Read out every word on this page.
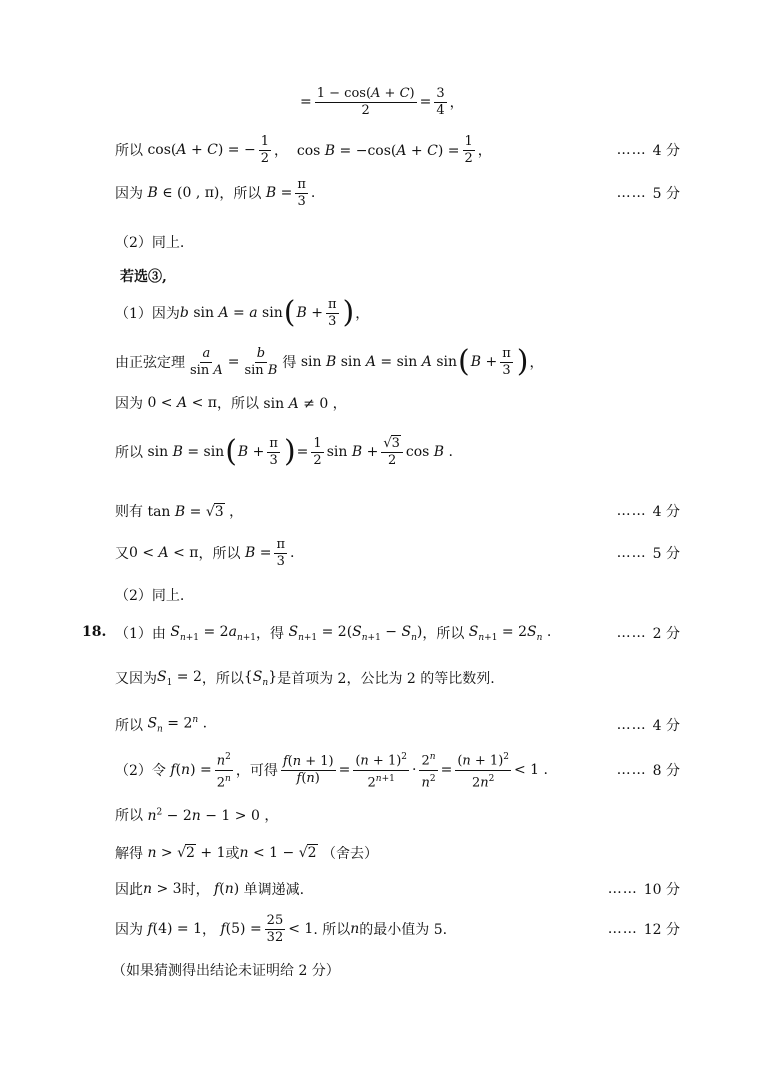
= $\frac{1 - \cos(A + C)}{2} = \frac{3}{4}$ ，
所以
cos(A + C) = − $\frac{1}{2}$ ，  $\cos B = -\cos(A + C) = \frac{1}{2}$ ，	…… 4 分
因为
B ∈ (0 , π) ，所以
$B = \frac{\pi}{3}$ .	…… 5 分
（2）同上.
若选③,
（1）因为 b sin A = a sin ( $B + \frac{\pi}{3}$ ) ，
由正弦定理 $\frac{a}{\text{sin A}} = \frac{b}{\text{sin B}}$ 得 sin B sin A = sin A sin ( $B + \frac{\pi}{3}$ ) ，
因为
0 < A < π ，所以
sin A ≠ 0 ，
所以
sin B = sin ( $B + \frac{\pi}{3}$ ) = $\frac{1}{2}$ $\sin B + \frac{√3}{2}$ cos B .
则有
tan B = √3 ，	…… 4 分
又 0 < A < π ，所以
$B = \frac{\pi}{3}$ .	…… 5 分
（2）同上.
18. （1）由
$S_{n+1} = 2a_{n+1}$ ，得
$S_{n+1} = 2(S_{n+1} - S_n)$ ，所以
$S_{n+1} = 2S_n$ .	…… 2 分
又因为 $S_1 = 2$ ，所以 $\{S_n\}$ 是首项为 2，公比为 2 的等比数列.
所以
$S_n = 2^n$ .	…… 4 分
（2）令
$f(n) = \frac{n^2}{2^n}$ ，可得 $\frac{f(n + 1)}{f(n)} = \frac{(n + 1)^2}{2^{n+1}} \cdot \frac{2^n}{n^2} = \frac{(n + 1)^2}{2n^2} < 1$ .	…… 8 分
所以
$n^2 - 2n - 1 > 0$ ，
解得
n > √2 + 1 或 n < 1 − √2
（舍去）
因此 n > 3 时，
f(n)
单调递减.	…… 10 分
因为
f(4) = 1 ，
$f(5) = \frac{25}{32} < 1$ . 所以 n 的最小值为 5.	…… 12 分
（如果猜测得出结论未证明给 2 分）
